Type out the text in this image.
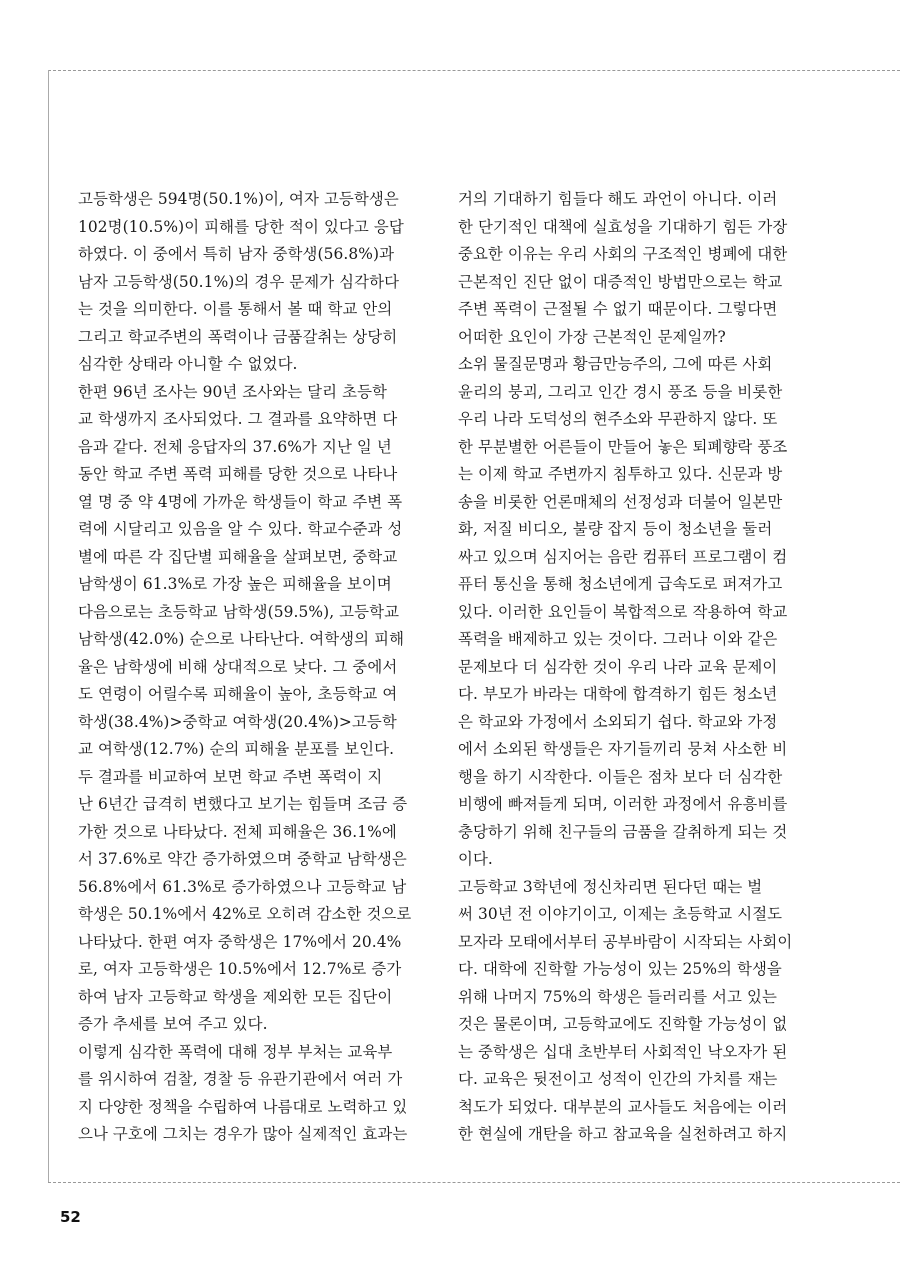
고등학생은 594명(50.1%)이, 여자 고등학생은
102명(10.5%)이 피해를 당한 적이 있다고 응답
하였다. 이 중에서 특히 남자 중학생(56.8%)과
남자 고등학생(50.1%)의 경우 문제가 심각하다
는 것을 의미한다. 이를 통해서 볼 때 학교 안의
그리고 학교주변의 폭력이나 금품갈취는 상당히
심각한 상태라 아니할 수 없었다.
한편 96년 조사는 90년 조사와는 달리 초등학
교 학생까지 조사되었다. 그 결과를 요약하면 다
음과 같다. 전체 응답자의 37.6%가 지난 일 년
동안 학교 주변 폭력 피해를 당한 것으로 나타나
열 명 중 약 4명에 가까운 학생들이 학교 주변 폭
력에 시달리고 있음을 알 수 있다. 학교수준과 성
별에 따른 각 집단별 피해율을 살펴보면, 중학교
남학생이 61.3%로 가장 높은 피해율을 보이며
다음으로는 초등학교 남학생(59.5%), 고등학교
남학생(42.0%) 순으로 나타난다. 여학생의 피해
율은 남학생에 비해 상대적으로 낮다. 그 중에서
도 연령이 어릴수록 피해율이 높아, 초등학교 여
학생(38.4%)>중학교 여학생(20.4%)>고등학
교 여학생(12.7%) 순의 피해율 분포를 보인다.
두 결과를 비교하여 보면 학교 주변 폭력이 지
난 6년간 급격히 변했다고 보기는 힘들며 조금 증
가한 것으로 나타났다. 전체 피해율은 36.1%에
서 37.6%로 약간 증가하였으며 중학교 남학생은
56.8%에서 61.3%로 증가하였으나 고등학교 남
학생은 50.1%에서 42%로 오히려 감소한 것으로
나타났다. 한편 여자 중학생은 17%에서 20.4%
로, 여자 고등학생은 10.5%에서 12.7%로 증가
하여 남자 고등학교 학생을 제외한 모든 집단이
증가 추세를 보여 주고 있다.
이렇게 심각한 폭력에 대해 정부 부처는 교육부
를 위시하여 검찰, 경찰 등 유관기관에서 여러 가
지 다양한 정책을 수립하여 나름대로 노력하고 있
으나 구호에 그치는 경우가 많아 실제적인 효과는
거의 기대하기 힘들다 해도 과언이 아니다. 이러
한 단기적인 대책에 실효성을 기대하기 힘든 가장
중요한 이유는 우리 사회의 구조적인 병폐에 대한
근본적인 진단 없이 대증적인 방법만으로는 학교
주변 폭력이 근절될 수 없기 때문이다. 그렇다면
어떠한 요인이 가장 근본적인 문제일까?
소위 물질문명과 황금만능주의, 그에 따른 사회
윤리의 붕괴, 그리고 인간 경시 풍조 등을 비롯한
우리 나라 도덕성의 현주소와 무관하지 않다. 또
한 무분별한 어른들이 만들어 놓은 퇴폐향락 풍조
는 이제 학교 주변까지 침투하고 있다. 신문과 방
송을 비롯한 언론매체의 선정성과 더불어 일본만
화, 저질 비디오, 불량 잡지 등이 청소년을 둘러
싸고 있으며 심지어는 음란 컴퓨터 프로그램이 컴
퓨터 통신을 통해 청소년에게 급속도로 퍼져가고
있다. 이러한 요인들이 복합적으로 작용하여 학교
폭력을 배제하고 있는 것이다. 그러나 이와 같은
문제보다 더 심각한 것이 우리 나라 교육 문제이
다. 부모가 바라는 대학에 합격하기 힘든 청소년
은 학교와 가정에서 소외되기 쉽다. 학교와 가정
에서 소외된 학생들은 자기들끼리 뭉쳐 사소한 비
행을 하기 시작한다. 이들은 점차 보다 더 심각한
비행에 빠져들게 되며, 이러한 과정에서 유흥비를
충당하기 위해 친구들의 금품을 갈취하게 되는 것
이다.
고등학교 3학년에 정신차리면 된다던 때는 벌
써 30년 전 이야기이고, 이제는 초등학교 시절도
모자라 모태에서부터 공부바람이 시작되는 사회이
다. 대학에 진학할 가능성이 있는 25%의 학생을
위해 나머지 75%의 학생은 들러리를 서고 있는
것은 물론이며, 고등학교에도 진학할 가능성이 없
는 중학생은 십대 초반부터 사회적인 낙오자가 된
다. 교육은 뒷전이고 성적이 인간의 가치를 재는
척도가 되었다. 대부분의 교사들도 처음에는 이러
한 현실에 개탄을 하고 참교육을 실천하려고 하지
52
